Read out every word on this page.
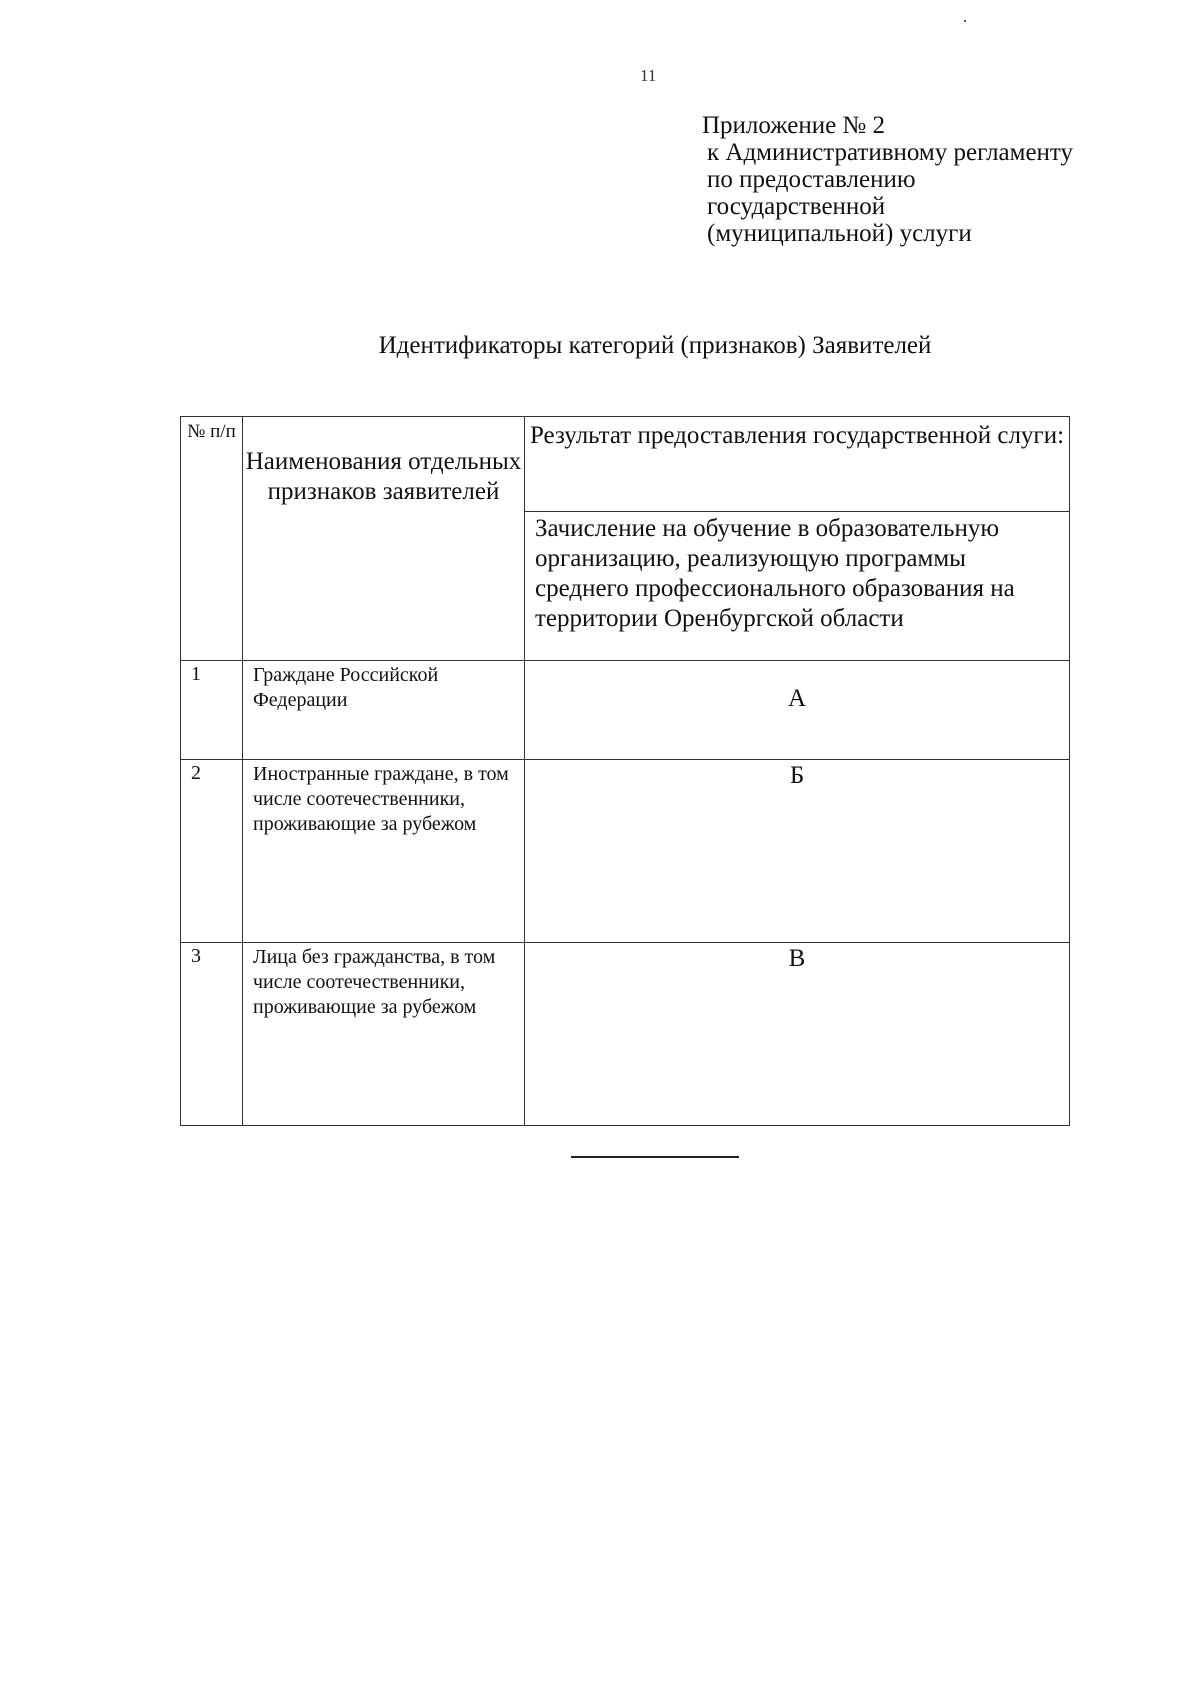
11
Приложение № 2
к Административному регламенту
по предоставлению
государственной
(муниципальной) услуги
Идентификаторы категорий (признаков) Заявителей
№ п/п	Наименования отдельных признаков заявителей	Результат предоставления государственной слуги:
		Зачисление на обучение в образовательную организацию, реализующую программы среднего профессионального образования на территории Оренбургской области
1	Граждане Российской Федерации	А
2	Иностранные граждане, в том числе соотечественники, проживающие за рубежом	Б
3	Лица без гражданства, в том числе соотечественники, проживающие за рубежом	В
